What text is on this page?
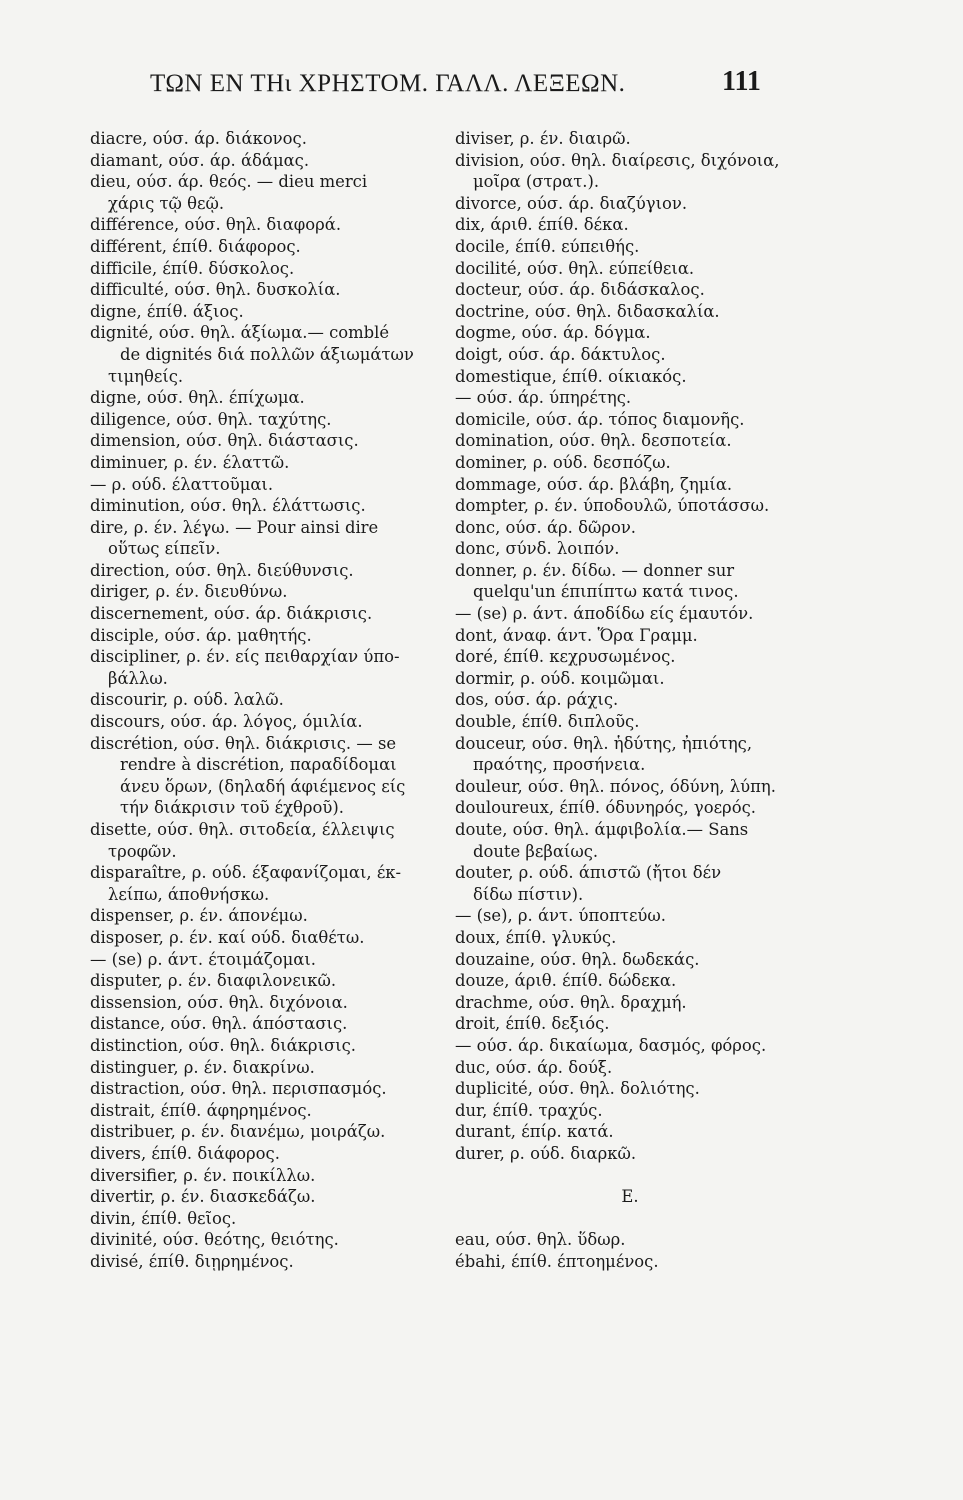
ΤΩΝ ΕΝ ΤΗι ΧΡΗΣΤΟΜ. ΓΑΛΛ. ΛΕΞΕΩΝ.	111
diacre, ούσ. άρ. διάκονος.
diamant, ούσ. άρ. άδάμας.
dieu, ούσ. άρ. θεός. — dieu merci
χάρις τῷ θεῷ.
différence, ούσ. θηλ. διαφορά.
différent, έπίθ. διάφορος.
difficile, έπίθ. δύσκολος.
difficulté, ούσ. θηλ. δυσκολία.
digne, έπίθ. άξιος.
dignité, ούσ. θηλ. άξίωμα.— comblé
de dignités διά πολλῶν άξιωμάτων
τιμηθείς.
digne, ούσ. θηλ. έπίχωμα.
diligence, ούσ. θηλ. ταχύτης.
dimension, ούσ. θηλ. διάστασις.
diminuer, ρ. έν. έλαττῶ.
— ρ. ούδ. έλαττοῦμαι.
diminution, ούσ. θηλ. έλάττωσις.
dire, ρ. έν. λέγω. — Pour ainsi dire
οὕτως είπεῖν.
direction, ούσ. θηλ. διεύθυνσις.
diriger, ρ. έν. διευθύνω.
discernement, ούσ. άρ. διάκρισις.
disciple, ούσ. άρ. μαθητής.
discipliner, ρ. έν. είς πειθαρχίαν ύπο-
βάλλω.
discourir, ρ. ούδ. λαλῶ.
discours, ούσ. άρ. λόγος, όμιλία.
discrétion, ούσ. θηλ. διάκρισις. — se
rendre à discrétion, παραδίδομαι
άνευ ὅρων, (δηλαδή άφιέμενος είς
τήν διάκρισιν τοῦ έχθροῦ).
disette, ούσ. θηλ. σιτοδεία, έλλειψις
τροφῶν.
disparaître, ρ. ούδ. έξαφανίζομαι, έκ-
λείπω, άποθνήσκω.
dispenser, ρ. έν. άπονέμω.
disposer, ρ. έν. καί ούδ. διαθέτω.
— (se) ρ. άντ. έτοιμάζομαι.
disputer, ρ. έν. διαφιλονεικῶ.
dissension, ούσ. θηλ. διχόνοια.
distance, ούσ. θηλ. άπόστασις.
distinction, ούσ. θηλ. διάκρισις.
distinguer, ρ. έν. διακρίνω.
distraction, ούσ. θηλ. περισπασμός.
distrait, έπίθ. άφηρημένος.
distribuer, ρ. έν. διανέμω, μοιράζω.
divers, έπίθ. διάφορος.
diversifier, ρ. έν. ποικίλλω.
divertir, ρ. έν. διασκεδάζω.
divin, έπίθ. θεῖος.
divinité, ούσ. θεότης, θειότης.
divisé, έπίθ. διῃρημένος.
diviser, ρ. έν. διαιρῶ.
division, ούσ. θηλ. διαίρεσις, διχόνοια,
μοῖρα (στρατ.).
divorce, ούσ. άρ. διαζύγιον.
dix, άριθ. έπίθ. δέκα.
docile, έπίθ. εύπειθής.
docilité, ούσ. θηλ. εύπείθεια.
docteur, ούσ. άρ. διδάσκαλος.
doctrine, ούσ. θηλ. διδασκαλία.
dogme, ούσ. άρ. δόγμα.
doigt, ούσ. άρ. δάκτυλος.
domestique, έπίθ. οίκιακός.
— ούσ. άρ. ύπηρέτης.
domicile, ούσ. άρ. τόπος διαμονῆς.
domination, ούσ. θηλ. δεσποτεία.
dominer, ρ. ούδ. δεσπόζω.
dommage, ούσ. άρ. βλάβη, ζημία.
dompter, ρ. έν. ύποδουλῶ, ύποτάσσω.
donc, ούσ. άρ. δῶρον.
donc, σύνδ. λοιπόν.
donner, ρ. έν. δίδω. — donner sur
quelqu'un έπιπίπτω κατά τινος.
— (se) ρ. άντ. άποδίδω είς έμαυτόν.
dont, άναφ. άντ. Ὅρα Γραμμ.
doré, έπίθ. κεχρυσωμένος.
dormir, ρ. ούδ. κοιμῶμαι.
dos, ούσ. άρ. ράχις.
double, έπίθ. διπλοῦς.
douceur, ούσ. θηλ. ἡδύτης, ἠπιότης,
πραότης, προσήνεια.
douleur, ούσ. θηλ. πόνος, όδύνη, λύπη.
douloureux, έπίθ. όδυνηρός, γοερός.
doute, ούσ. θηλ. άμφιβολία.— Sans
doute βεβαίως.
douter, ρ. ούδ. άπιστῶ (ἤτοι δέν
δίδω πίστιν).
— (se), ρ. άντ. ύποπτεύω.
doux, έπίθ. γλυκύς.
douzaine, ούσ. θηλ. δωδεκάς.
douze, άριθ. έπίθ. δώδεκα.
drachme, ούσ. θηλ. δραχμή.
droit, έπίθ. δεξιός.
— ούσ. άρ. δικαίωμα, δασμός, φόρος.
duc, ούσ. άρ. δούξ.
duplicité, ούσ. θηλ. δολιότης.
dur, έπίθ. τραχύς.
durant, έπίρ. κατά.
durer, ρ. ούδ. διαρκῶ.
E.
eau, ούσ. θηλ. ὕδωρ.
ébahi, έπίθ. έπτοημένος.
